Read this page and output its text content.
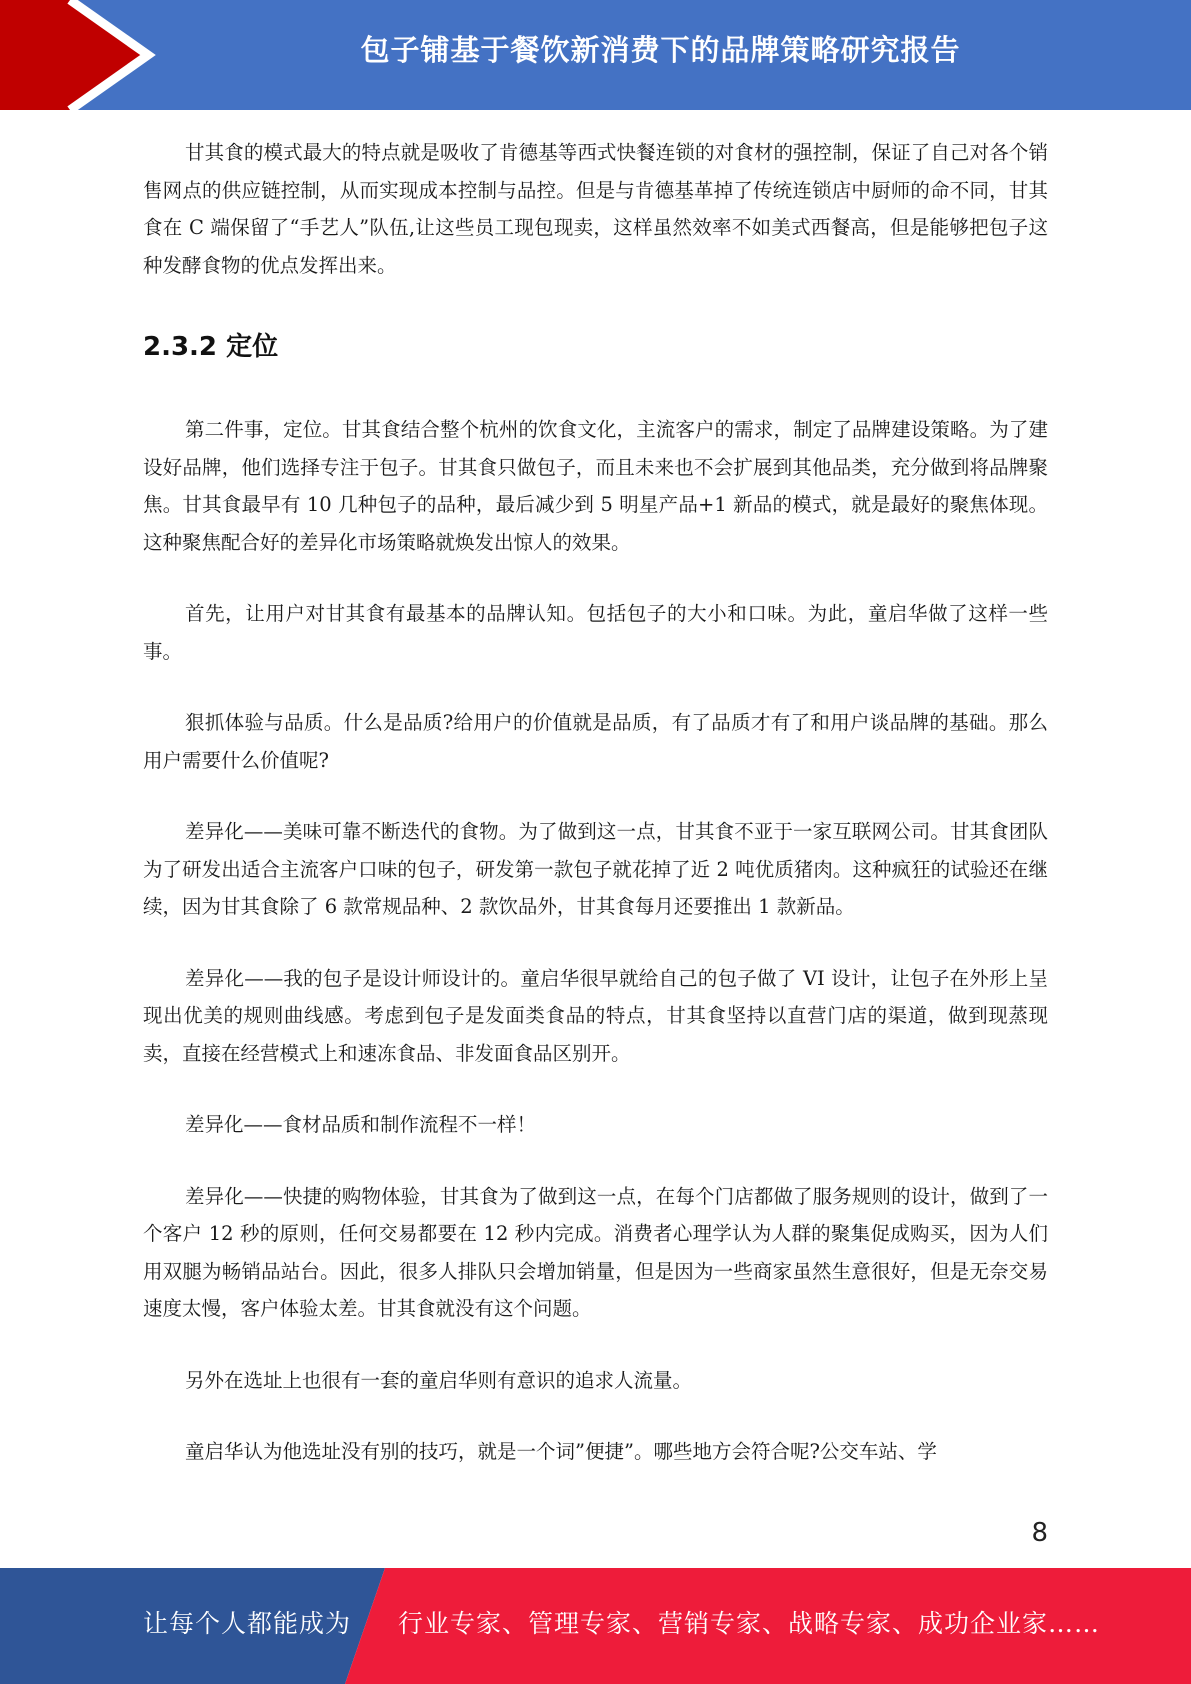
包子铺基于餐饮新消费下的品牌策略研究报告

甘其食的模式最大的特点就是吸收了肯德基等西式快餐连锁的对食材的强控制，保证了自己对各个销售网点的供应链控制，从而实现成本控制与品控。但是与肯德基革掉了传统连锁店中厨师的命不同，甘其食在 C 端保留了“手艺人”队伍,让这些员工现包现卖，这样虽然效率不如美式西餐高，但是能够把包子这种发酵食物的优点发挥出来。

2.3.2 定位

第二件事，定位。甘其食结合整个杭州的饮食文化，主流客户的需求，制定了品牌建设策略。为了建设好品牌，他们选择专注于包子。甘其食只做包子，而且未来也不会扩展到其他品类，充分做到将品牌聚焦。甘其食最早有 10 几种包子的品种，最后减少到 5 明星产品+1 新品的模式，就是最好的聚焦体现。这种聚焦配合好的差异化市场策略就焕发出惊人的效果。

首先，让用户对甘其食有最基本的品牌认知。包括包子的大小和口味。为此，童启华做了这样一些事。

狠抓体验与品质。什么是品质?给用户的价值就是品质，有了品质才有了和用户谈品牌的基础。那么用户需要什么价值呢?

差异化——美味可靠不断迭代的食物。为了做到这一点，甘其食不亚于一家互联网公司。甘其食团队为了研发出适合主流客户口味的包子，研发第一款包子就花掉了近 2 吨优质猪肉。这种疯狂的试验还在继续，因为甘其食除了 6 款常规品种、2 款饮品外，甘其食每月还要推出 1 款新品。

差异化——我的包子是设计师设计的。童启华很早就给自己的包子做了 VI 设计，让包子在外形上呈现出优美的规则曲线感。考虑到包子是发面类食品的特点，甘其食坚持以直营门店的渠道，做到现蒸现卖，直接在经营模式上和速冻食品、非发面食品区别开。

差异化——食材品质和制作流程不一样！

差异化——快捷的购物体验，甘其食为了做到这一点，在每个门店都做了服务规则的设计，做到了一个客户 12 秒的原则，任何交易都要在 12 秒内完成。消费者心理学认为人群的聚集促成购买，因为人们用双腿为畅销品站台。因此，很多人排队只会增加销量，但是因为一些商家虽然生意很好，但是无奈交易速度太慢，客户体验太差。甘其食就没有这个问题。

另外在选址上也很有一套的童启华则有意识的追求人流量。

童启华认为他选址没有别的技巧，就是一个词”便捷”。哪些地方会符合呢?公交车站、学

8
让每个人都能成为 行业专家、管理专家、营销专家、战略专家、成功企业家……
